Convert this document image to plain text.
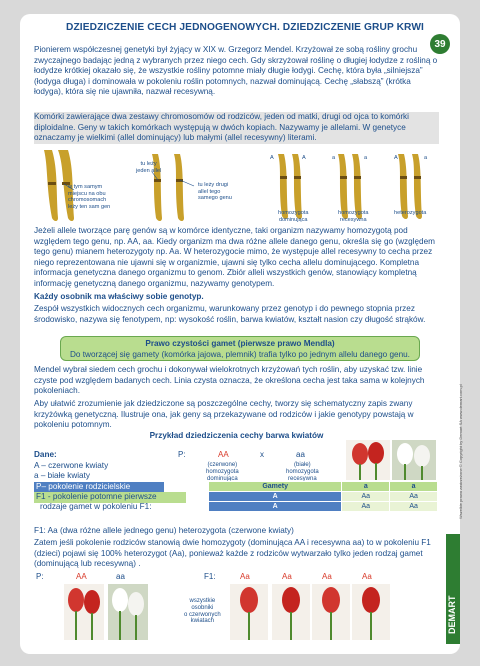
DZIEDZICZENIE CECH JEDNOGENOWYCH. DZIEDZICZENIE GRUP KRWI
39
Pionierem współczesnej genetyki był żyjący w XIX w. Grzegorz Mendel. Krzyżował ze sobą rośliny grochu zwyczajnego badając jedną z wybranych przez niego cech. Gdy skrzyżował roślinę o długiej łodydze z rośliną o łodydze krótkiej okazało się, że wszystkie rośliny potomne miały długie łodygi. Cechę, która była „silniejsza” (łodyga długa) i dominowała w pokoleniu roślin potomnych, nazwał dominującą. Cechę „słabszą” (krótka łodyga), która się nie ujawniła, nazwał recesywną.
Komórki zawierające dwa zestawy chromosomów od rodziców, jeden od matki, drugi od ojca to komórki diploidalne. Geny w takich komórkach występują w dwóch kopiach. Nazywamy je allelami. W genetyce oznaczamy je wielkimi (allel dominujący) lub małymi (allel recesywny) literami.
w tym samym
miejscu na obu
chromosomach
leży ten sam gen
tu leży
jeden allel
tu leży drugi
allel tego
samego genu
A	A	a	a	A	a
homozygota
dominująca
homozygota
recesywna
heterozygota
Jeżeli allele tworzące parę genów są w komórce identyczne, taki organizm nazywamy homozygotą pod względem tego genu, np. AA, aa. Kiedy organizm ma dwa różne allele danego genu, określa się go (względem tego genu) mianem heterozygoty np. Aa. W heterozygocie mimo, że występuje allel recesywny to cecha przez niego reprezentowana nie ujawni się w organizmie, ujawni się tylko cecha allelu dominującego. Kompletna informacja genetyczna danego organizmu to genom. Zbiór alleli wszystkich genów, stanowiący kompletną informację genetyczną danego organizmu, nazywamy genotypem.
Każdy osobnik ma właściwy sobie genotyp.
Zespół wszystkich widocznych cech organizmu, warunkowany przez genotyp i do pewnego stopnia przez środowisko, nazywa się fenotypem, np: wysokość roślin, barwa kwiatów, kształt nasion czy długość strąków.
Prawo czystości gamet (pierwsze prawo Mendla)
Do tworzącej się gamety (komórka jajowa, plemnik) trafia tylko po jednym allelu danego genu.
Mendel wybrał siedem cech grochu i dokonywał wielokrotnych krzyżowań tych roślin, aby uzyskać tzw. linie czyste pod względem badanych cech. Linia czysta oznacza, że określona cecha jest taka sama w kolejnych pokoleniach.
Aby ułatwić zrozumienie jak dziedziczone są poszczególne cechy, tworzy się schematyczny zapis zwany krzyżówką genetyczną. Ilustruje ona, jak geny są przekazywane od rodziców i jakie genotypy powstają w pokoleniu potomnym.
Przykład dziedziczenia cechy barwa kwiatów
Dane:
A – czerwone kwiaty
a – białe kwiaty
P– pokolenie rodzicielskie
F1 - pokolenie potomne pierwsze
P:	AA	x	aa
(czerwone)
homozygota
dominująca
(białe)
homozygota
recesywna
rodzaje gamet w pokoleniu F1:
Gamety	a	a
A	Aa	Aa
A	Aa	Aa
F1: Aa (dwa różne allele jednego genu) heterozygota (czerwone kwiaty)
Zatem jeśli pokolenie rodziców stanowią dwie homozygoty (dominująca AA i recesywna aa) to w pokoleniu F1 (dzieci) pojawi się 100% heterozygot (Aa), ponieważ każde z rodziców wytwarzało tylko jeden rodzaj gamet (dominującą lub recesywną) .
P:	AA	aa	F1:	Aa	Aa	Aa	Aa
wszystkie
osobniki
o czerwonych
kwiatach
Wszelkie prawa zastrzeżone © Copyright by Demart SA www.demart.com.pl
DEMART
